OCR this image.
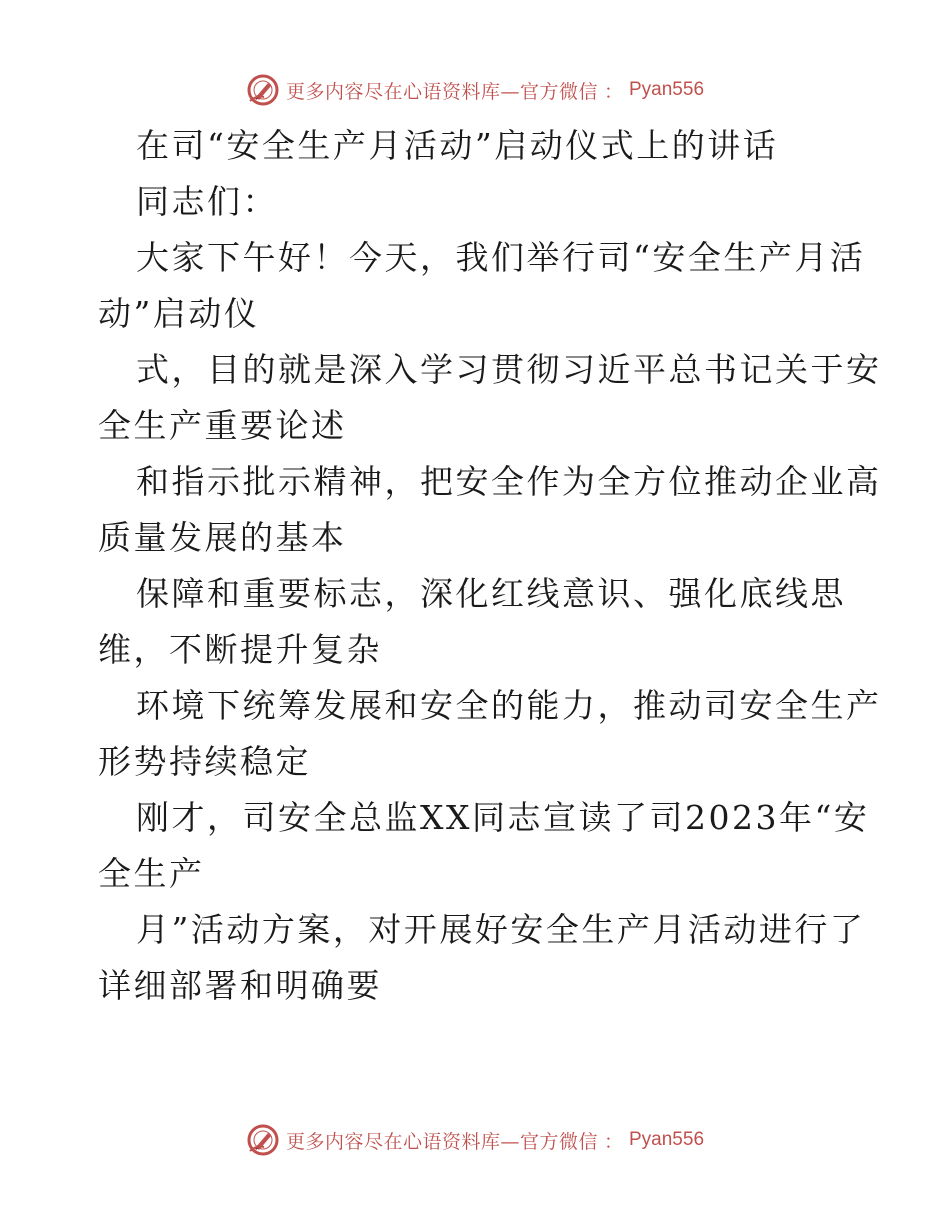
更多内容尽在心语资料库—官方微信 ： Pyan556
在司“安全生产月活动”启动仪式上的讲话
同志们：
大家下午好！今天，我们举行司“安全生产月活
动”启动仪
式，目的就是深入学习贯彻习近平总书记关于安
全生产重要论述
和指示批示精神，把安全作为全方位推动企业高
质量发展的基本
保障和重要标志，深化红线意识、强化底线思
维，不断提升复杂
环境下统筹发展和安全的能力，推动司安全生产
形势持续稳定
刚才，司安全总监XX同志宣读了司2023年“安
全生产
月”活动方案，对开展好安全生产月活动进行了
详细部署和明确要
更多内容尽在心语资料库—官方微信 ： Pyan556
